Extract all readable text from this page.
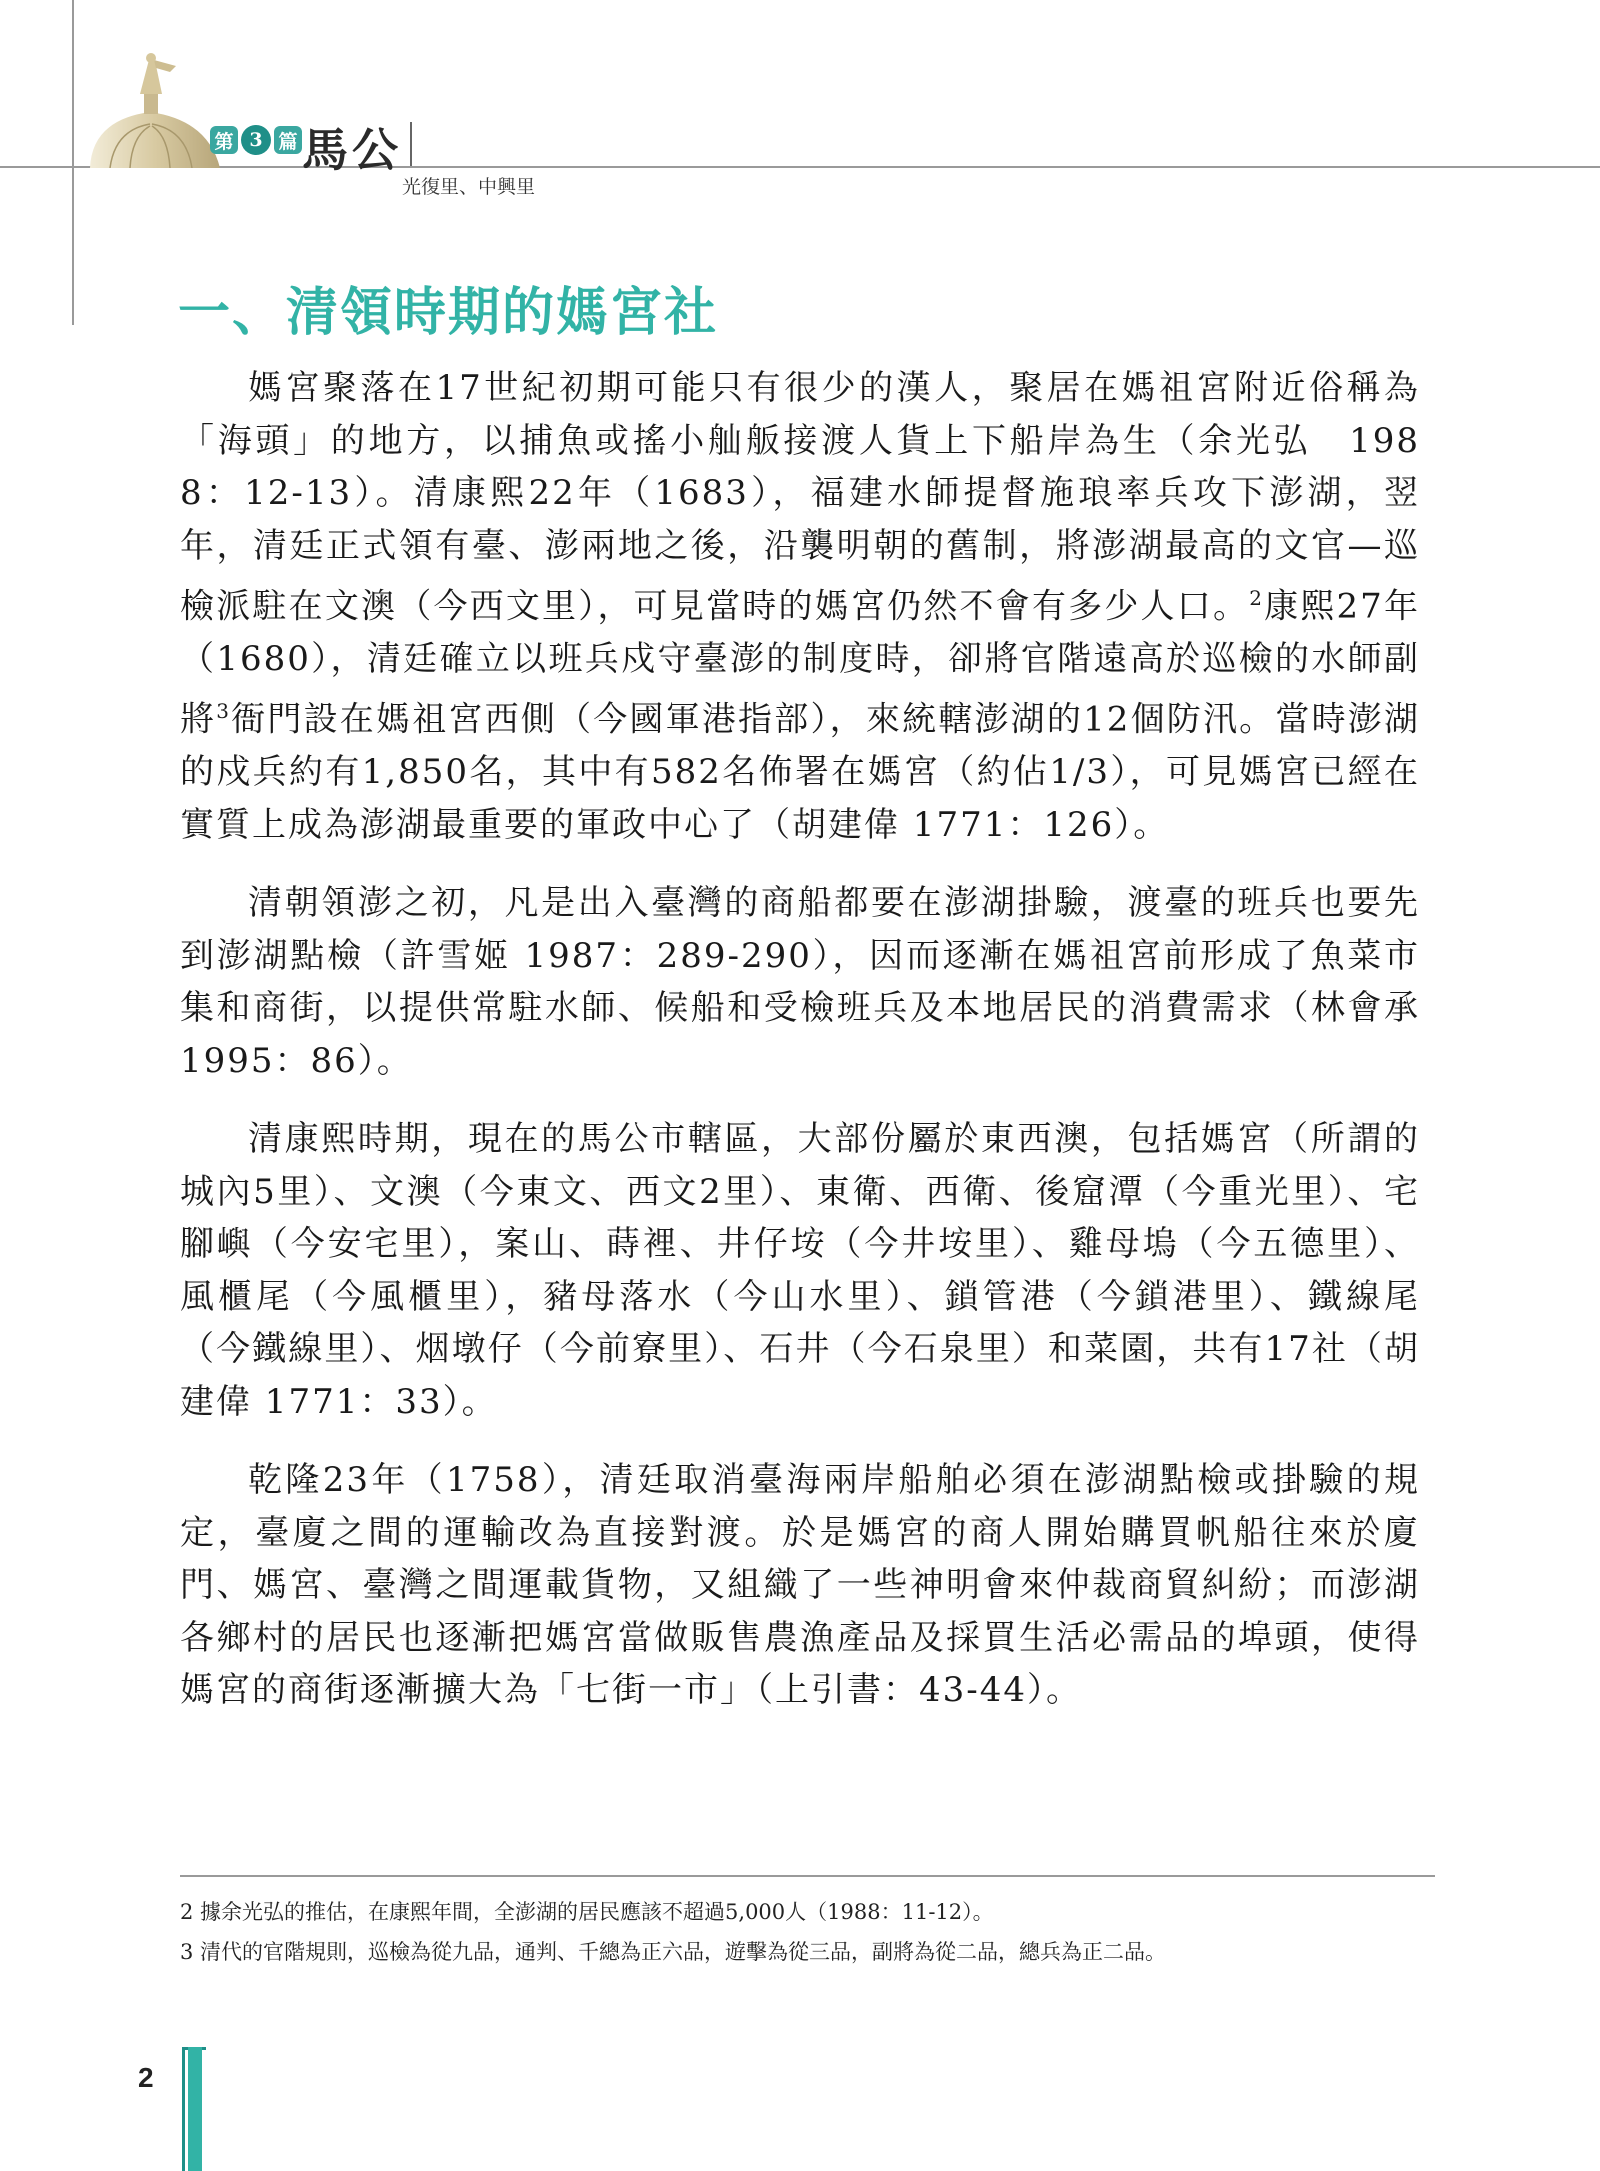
第 3 篇 馬公
光復里、中興里
一、清領時期的媽宮社

媽宮聚落在17世紀初期可能只有很少的漢人，聚居在媽祖宮附近俗稱為「海頭」的地方，以捕魚或搖小舢舨接渡人貨上下船岸為生（余光弘　1988：12-13）。清康熙22年（1683），福建水師提督施琅率兵攻下澎湖，翌年，清廷正式領有臺、澎兩地之後，沿襲明朝的舊制，將澎湖最高的文官—巡檢派駐在文澳（今西文里），可見當時的媽宮仍然不會有多少人口。$^2$康熙27年（1680），清廷確立以班兵戍守臺澎的制度時，卻將官階遠高於巡檢的水師副將$^3$衙門設在媽祖宮西側（今國軍港指部），來統轄澎湖的12個防汛。當時澎湖的戍兵約有1,850名，其中有582名佈署在媽宮（約佔1/3），可見媽宮已經在實質上成為澎湖最重要的軍政中心了（胡建偉 1771：126）。

清朝領澎之初，凡是出入臺灣的商船都要在澎湖掛驗，渡臺的班兵也要先到澎湖點檢（許雪姬 1987：289-290），因而逐漸在媽祖宮前形成了魚菜市集和商街，以提供常駐水師、候船和受檢班兵及本地居民的消費需求（林會承 1995：86）。

清康熙時期，現在的馬公市轄區，大部份屬於東西澳，包括媽宮（所謂的城內5里）、文澳（今東文、西文2里）、東衛、西衛、後窟潭（今重光里）、宅腳嶼（今安宅里），案山、蒔裡、井仔垵（今井垵里）、雞母塢（今五德里）、風櫃尾（今風櫃里），豬母落水（今山水里）、鎖管港（今鎖港里）、鐵線尾（今鐵線里）、烟墩仔（今前寮里）、石井（今石泉里）和菜園，共有17社（胡建偉 1771：33）。

乾隆23年（1758），清廷取消臺海兩岸船舶必須在澎湖點檢或掛驗的規定，臺廈之間的運輸改為直接對渡。於是媽宮的商人開始購買帆船往來於廈門、媽宮、臺灣之間運載貨物，又組織了一些神明會來仲裁商貿糾紛；而澎湖各鄉村的居民也逐漸把媽宮當做販售農漁產品及採買生活必需品的埠頭，使得媽宮的商街逐漸擴大為「七街一市」（上引書：43-44）。

2 據余光弘的推估，在康熙年間，全澎湖的居民應該不超過5,000人（1988：11-12）。
3 清代的官階規則，巡檢為從九品，通判、千總為正六品，遊擊為從三品，副將為從二品，總兵為正二品。
2
